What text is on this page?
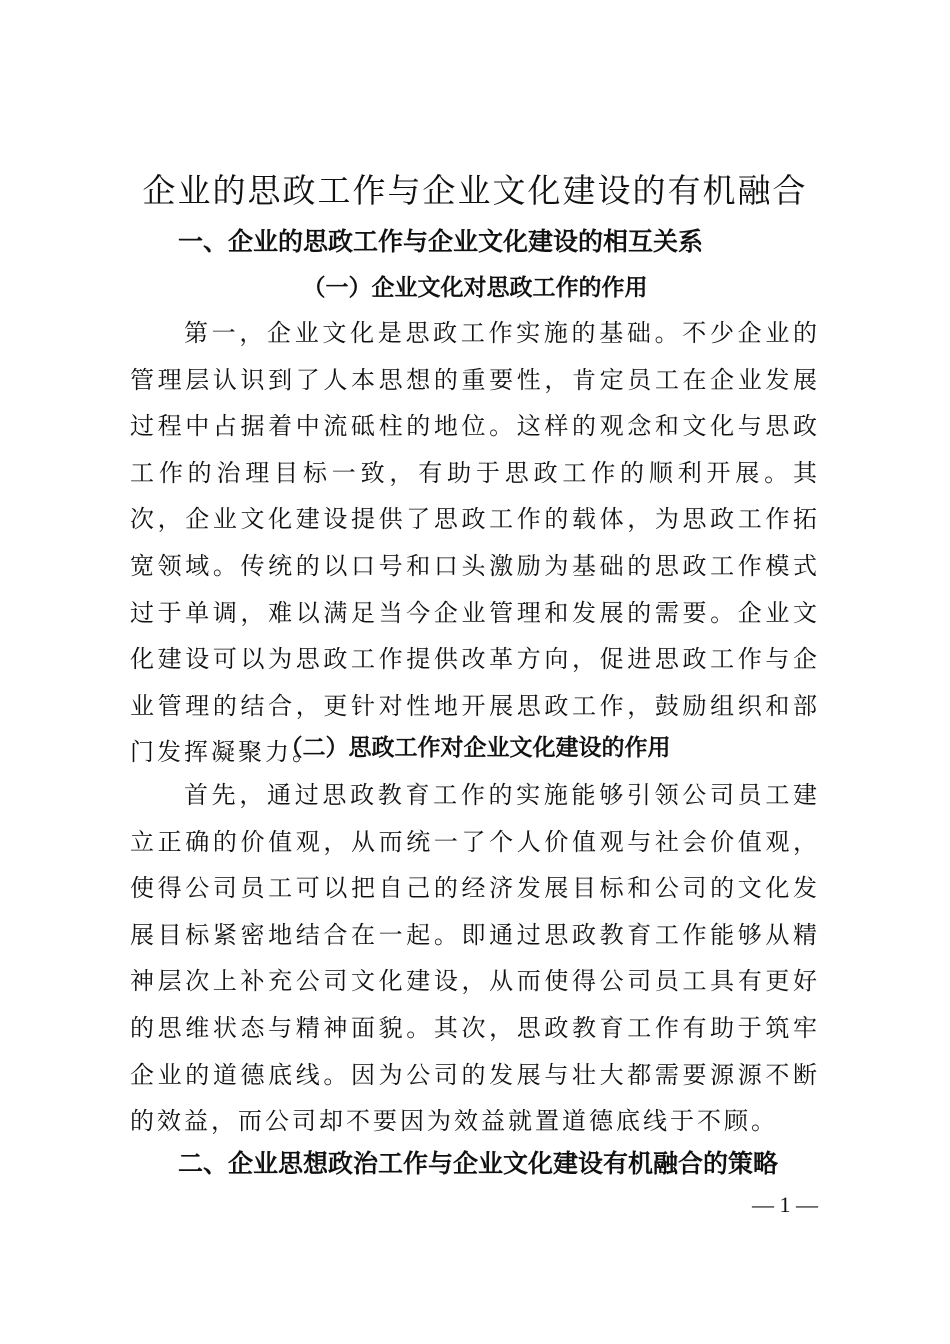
企业的思政工作与企业文化建设的有机融合
一、企业的思政工作与企业文化建设的相互关系
（一）企业文化对思政工作的作用

第一，企业文化是思政工作实施的基础。不少企业的管理层认识到了人本思想的重要性，肯定员工在企业发展过程中占据着中流砥柱的地位。这样的观念和文化与思政工作的治理目标一致，有助于思政工作的顺利开展。其次，企业文化建设提供了思政工作的载体，为思政工作拓宽领域。传统的以口号和口头激励为基础的思政工作模式过于单调，难以满足当今企业管理和发展的需要。企业文化建设可以为思政工作提供改革方向，促进思政工作与企业管理的结合，更针对性地开展思政工作，鼓励组织和部门发挥凝聚力。

（二）思政工作对企业文化建设的作用

首先，通过思政教育工作的实施能够引领公司员工建立正确的价值观，从而统一了个人价值观与社会价值观，使得公司员工可以把自己的经济发展目标和公司的文化发展目标紧密地结合在一起。即通过思政教育工作能够从精神层次上补充公司文化建设，从而使得公司员工具有更好的思维状态与精神面貌。其次，思政教育工作有助于筑牢企业的道德底线。因为公司的发展与壮大都需要源源不断的效益，而公司却不要因为效益就置道德底线于不顾。

二、企业思想政治工作与企业文化建设有机融合的策略
— 1 —
